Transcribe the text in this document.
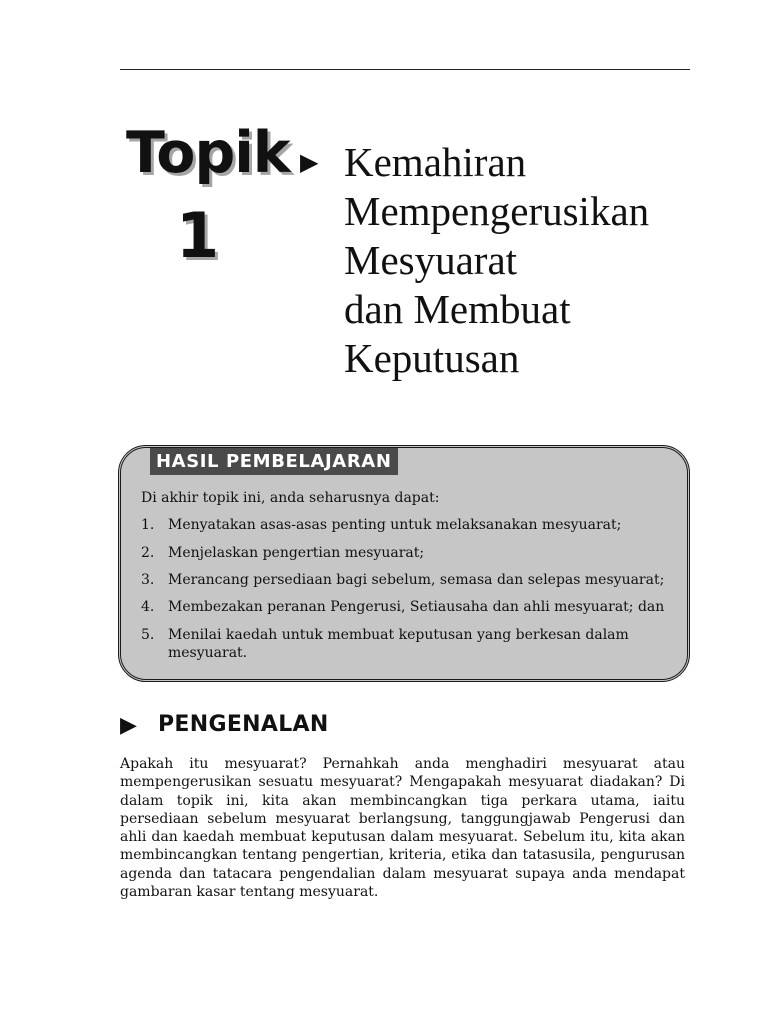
Topik
1
▶ Kemahiran
Mempengerusikan
Mesyuarat
dan Membuat
Keputusan
HASIL PEMBELAJARAN
Di akhir topik ini, anda seharusnya dapat:
1. Menyatakan asas-asas penting untuk melaksanakan mesyuarat;
2. Menjelaskan pengertian mesyuarat;
3. Merancang persediaan bagi sebelum, semasa dan selepas mesyuarat;
4. Membezakan peranan Pengerusi, Setiausaha dan ahli mesyuarat; dan
5. Menilai kaedah untuk membuat keputusan yang berkesan dalam mesyuarat.
▶ PENGENALAN

Apakah itu mesyuarat? Pernahkah anda menghadiri mesyuarat atau mempengerusikan sesuatu mesyuarat? Mengapakah mesyuarat diadakan? Di dalam topik ini, kita akan membincangkan tiga perkara utama, iaitu persediaan sebelum mesyuarat berlangsung, tanggungjawab Pengerusi dan ahli dan kaedah membuat keputusan dalam mesyuarat. Sebelum itu, kita akan membincangkan tentang pengertian, kriteria, etika dan tatasusila, pengurusan agenda dan tatacara pengendalian dalam mesyuarat supaya anda mendapat gambaran kasar tentang mesyuarat.
